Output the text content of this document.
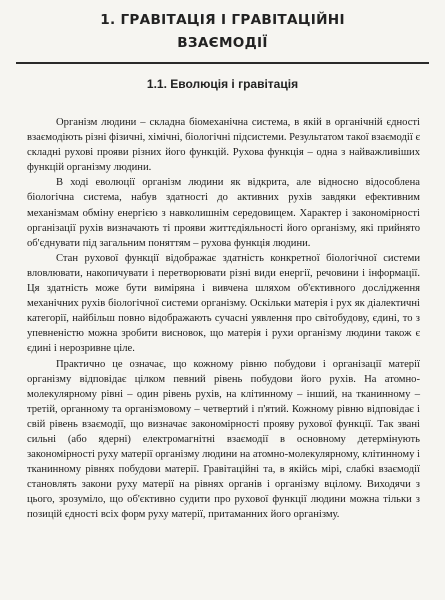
1. ГРАВІТАЦІЯ І ГРАВІТАЦІЙНІ
ВЗАЄМОДІЇ
1.1. Еволюція і гравітація

Організм людини – складна біомеханічна система, в якій в органічній єдності взаємодіють різні фізичні, хімічні, біологічні підсистеми. Результатом такої взаємодії є складні рухові прояви різних його функцій. Рухова функція – одна з найважливіших функцій організму людини.

В ході еволюції організм людини як відкрита, але відносно відособлена біологічна система, набув здатності до активних рухів завдяки ефективним механізмам обміну енергією з навколишнім середовищем. Характер і закономірності організації рухів визначають ті прояви життєдіяльності його організму, які прийнято об'єднувати під загальним поняттям – рухова функція людини.

Стан рухової функції відображає здатність конкретної біологічної системи вловлювати, накопичувати і перетворювати різні види енергії, речовини і інформації. Ця здатність може бути виміряна і вивчена шляхом об'єктивного дослідження механічних рухів біологічної системи організму. Оскільки матерія і рух як діалектичні категорії, найбільш повно відображають сучасні уявлення про світобудову, єдині, то з упевненістю можна зробити висновок, що матерія і рухи організму людини також є єдині і нерозривне ціле.

Практично це означає, що кожному рівню побудови і організації матерії організму відповідає цілком певний рівень побудови його рухів. На атомно-молекулярному рівні – один рівень рухів, на клітинному – інший, на тканинному – третій, органному та організмовому – четвертий і п'ятий. Кожному рівню відповідає і свій рівень взаємодії, що визначає закономірності прояву рухової функції. Так звані сильні (або ядерні) електромагнітні взаємодії в основному детермінують закономірності руху матерії організму людини на атомно-молекулярному, клітинному і тканинному рівнях побудови матерії. Гравітаційні та, в якійсь мірі, слабкі взаємодії становлять закони руху матерії на рівнях органів і організму вцілому. Виходячи з цього, зрозуміло, що об'єктивно судити про рухової функції людини можна тільки з позицій єдності всіх форм руху матерії, притаманних його організму.
